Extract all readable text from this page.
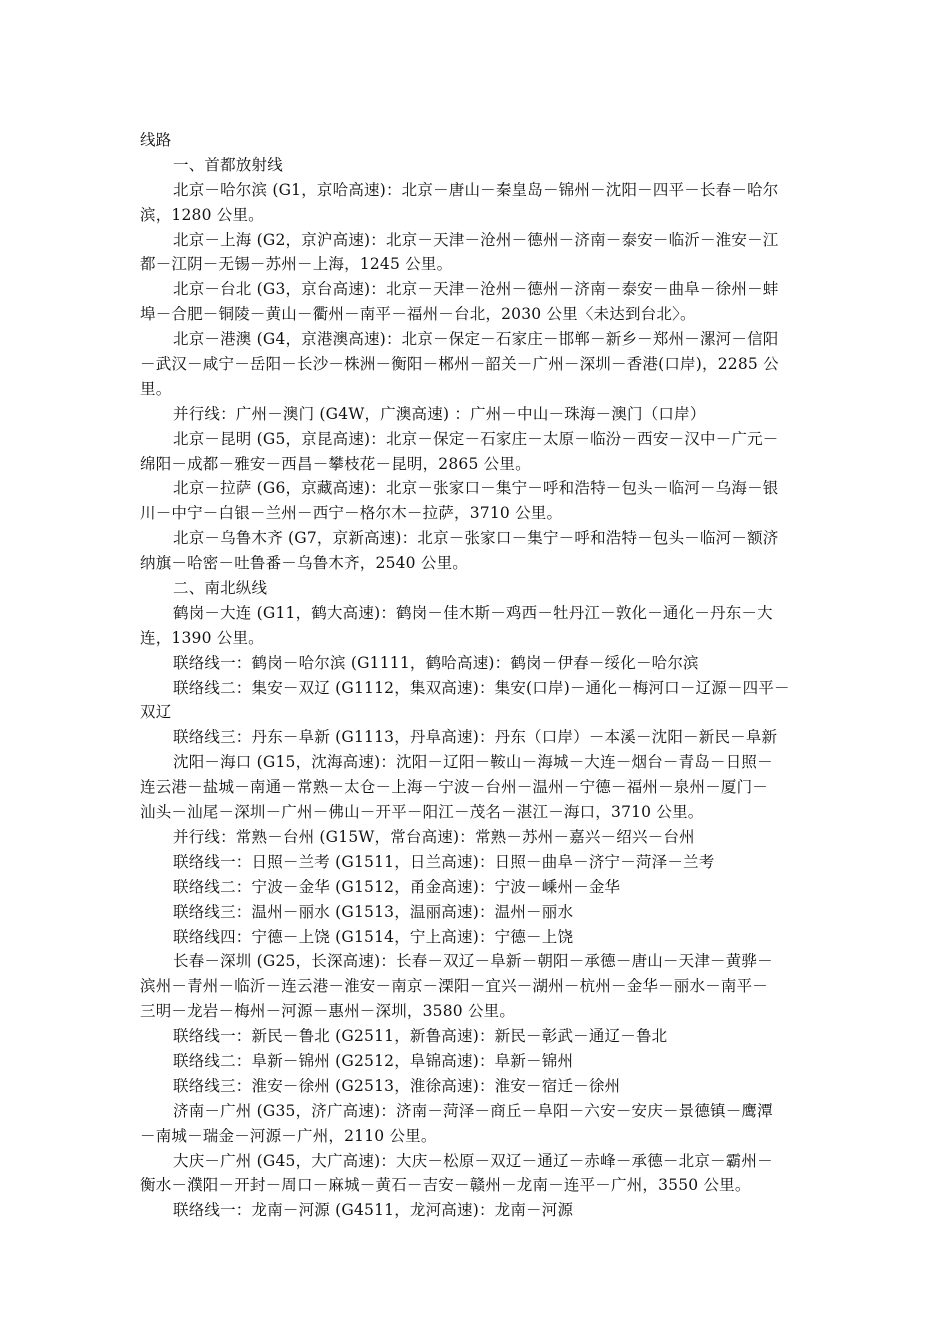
线路
一、首都放射线
北京－哈尔滨 (G1，京哈高速)：北京－唐山－秦皇岛－锦州－沈阳－四平－长春－哈尔
滨，1280 公里。
北京－上海 (G2，京沪高速)：北京－天津－沧州－德州－济南－泰安－临沂－淮安－江
都－江阴－无锡－苏州－上海，1245 公里。
北京－台北 (G3，京台高速)：北京－天津－沧州－德州－济南－泰安－曲阜－徐州－蚌
埠－合肥－铜陵－黄山－衢州－南平－福州－台北，2030 公里〈未达到台北〉。
北京－港澳 (G4，京港澳高速)：北京－保定－石家庄－邯郸－新乡－郑州－漯河－信阳
－武汉－咸宁－岳阳－长沙－株洲－衡阳－郴州－韶关－广州－深圳－香港(口岸)，2285 公
里。
并行线：广州－澳门 (G4W，广澳高速) ：广州－中山－珠海－澳门（口岸）
北京－昆明 (G5，京昆高速)：北京－保定－石家庄－太原－临汾－西安－汉中－广元－
绵阳－成都－雅安－西昌－攀枝花－昆明，2865 公里。
北京－拉萨 (G6，京藏高速)：北京－张家口－集宁－呼和浩特－包头－临河－乌海－银
川－中宁－白银－兰州－西宁－格尔木－拉萨，3710 公里。
北京－乌鲁木齐 (G7，京新高速)：北京－张家口－集宁－呼和浩特－包头－临河－额济
纳旗－哈密－吐鲁番－乌鲁木齐，2540 公里。
二、南北纵线
鹤岗－大连 (G11，鹤大高速)：鹤岗－佳木斯－鸡西－牡丹江－敦化－通化－丹东－大
连，1390 公里。
联络线一：鹤岗－哈尔滨 (G1111，鹤哈高速)：鹤岗－伊春－绥化－哈尔滨
联络线二：集安－双辽 (G1112，集双高速)：集安(口岸)－通化－梅河口－辽源－四平－
双辽
联络线三：丹东－阜新 (G1113，丹阜高速)：丹东（口岸）－本溪－沈阳－新民－阜新
沈阳－海口 (G15，沈海高速)：沈阳－辽阳－鞍山－海城－大连－烟台－青岛－日照－
连云港－盐城－南通－常熟－太仓－上海－宁波－台州－温州－宁德－福州－泉州－厦门－
汕头－汕尾－深圳－广州－佛山－开平－阳江－茂名－湛江－海口，3710 公里。
并行线：常熟－台州 (G15W，常台高速)：常熟－苏州－嘉兴－绍兴－台州
联络线一：日照－兰考 (G1511，日兰高速)：日照－曲阜－济宁－菏泽－兰考
联络线二：宁波－金华 (G1512，甬金高速)：宁波－嵊州－金华
联络线三：温州－丽水 (G1513，温丽高速)：温州－丽水
联络线四：宁德－上饶 (G1514，宁上高速)：宁德－上饶
长春－深圳 (G25，长深高速)：长春－双辽－阜新－朝阳－承德－唐山－天津－黄骅－
滨州－青州－临沂－连云港－淮安－南京－溧阳－宜兴－湖州－杭州－金华－丽水－南平－
三明－龙岩－梅州－河源－惠州－深圳，3580 公里。
联络线一：新民－鲁北 (G2511，新鲁高速)：新民－彰武－通辽－鲁北
联络线二：阜新－锦州 (G2512，阜锦高速)：阜新－锦州
联络线三：淮安－徐州 (G2513，淮徐高速)：淮安－宿迁－徐州
济南－广州 (G35，济广高速)：济南－菏泽－商丘－阜阳－六安－安庆－景德镇－鹰潭
－南城－瑞金－河源－广州，2110 公里。
大庆－广州 (G45，大广高速)：大庆－松原－双辽－通辽－赤峰－承德－北京－霸州－
衡水－濮阳－开封－周口－麻城－黄石－吉安－赣州－龙南－连平－广州，3550 公里。
联络线一：龙南－河源 (G4511，龙河高速)：龙南－河源
